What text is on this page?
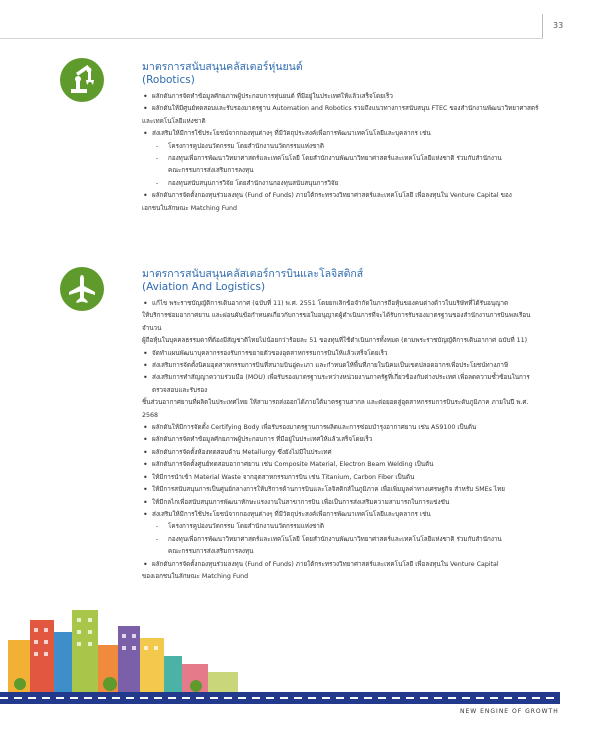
33
มาตรการสนับสนุนคลัสเตอร์หุ่นยนต์
(Robotics)
• ผลักดันการจัดทำข้อมูลศักยภาพผู้ประกอบการหุ่นยนต์ ที่มีอยู่ในประเทศให้แล้วเสร็จโดยเร็ว
• ผลักดันให้มีศูนย์ทดสอบและรับรองมาตรฐาน Automation and Robotics รวมถึงแนวทางการสนับสนุน FTEC ของสำนักงานพัฒนาวิทยาศาสตร์
และเทคโนโลยีแห่งชาติ
• ส่งเสริมให้มีการใช้ประโยชน์จากกองทุนต่างๆ ที่มีวัตถุประสงค์เพื่อการพัฒนาเทคโนโลยีและบุคลากร เช่น
- โครงการคูปองนวัตกรรม โดยสำนักงานนวัตกรรมแห่งชาติ
- กองทุนเพื่อการพัฒนาวิทยาศาสตร์และเทคโนโลยี โดยสำนักงานพัฒนาวิทยาศาสตร์และเทคโนโลยีแห่งชาติ ร่วมกับสำนักงาน
คณะกรรมการส่งเสริมการลงทุน
- กองทุนสนับสนุนการวิจัย โดยสำนักงานกองทุนสนับสนุนการวิจัย
• ผลักดันการจัดตั้งกองทุนร่วมลงทุน (Fund of Funds) ภายใต้กระทรวงวิทยาศาสตร์และเทคโนโลยี เพื่อลงทุนใน Venture Capital ของ
เอกชนในลักษณะ Matching Fund
มาตรการสนับสนุนคลัสเตอร์การบินและโลจิสติกส์
(Aviation And Logistics)
• แก้ไข พระราชบัญญัติการเดินอากาศ (ฉบับที่ 11) พ.ศ. 2551 โดยยกเลิกข้อจำกัดในการถือหุ้นของคนต่างด้าวในบริษัทที่ได้รับอนุญาต
ให้บริการซ่อมอากาศยาน และผ่อนผันข้อกำหนดเกี่ยวกับการขอใบอนุญาตผู้ดำเนินการที่จะได้รับการรับรองมาตรฐานของสำนักงานการบินพลเรือน จำนวน
ผู้ถือหุ้นในบุคคลธรรมดาที่ต้องมีสัญชาติไทยไม่น้อยกว่าร้อยละ 51 ของทุนที่ใช้ดำเนินการทั้งหมด (ตามพระราชบัญญัติการเดินอากาศ ฉบับที่ 11)
• จัดทำแผนพัฒนาบุคลากรรองรับการขยายตัวของอุตสาหกรรมการบินให้แล้วเสร็จโดยเร็ว
• ส่งเสริมการจัดตั้งนิคมอุตสาหกรรมการบินที่สนามบินอู่ตะเภา และกำหนดให้พื้นที่ภายในนิคมเป็นเขตปลอดอากรเพื่อประโยชน์ทางภาษี
• ส่งเสริมการทำสัญญาความร่วมมือ (MOU) เพื่อรับรองมาตรฐานระหว่างหน่วยงานภาครัฐที่เกี่ยวข้องกับต่างประเทศ เพื่อลดความซ้ำซ้อนในการตรวจสอบและรับรอง
ชิ้นส่วนอากาศยานที่ผลิตในประเทศไทย ให้สามารถส่งออกได้ภายใต้มาตรฐานสากล และต่อยอดสู่อุตสาหกรรมการบินระดับภูมิภาค ภายในปี พ.ศ. 2568
• ผลักดันให้มีการจัดตั้ง Certifying Body เพื่อรับรองมาตรฐานการผลิตและการซ่อมบำรุงอากาศยาน เช่น AS9100 เป็นต้น
• ผลักดันการจัดทำข้อมูลศักยภาพผู้ประกอบการ ที่มีอยู่ในประเทศให้แล้วเสร็จโดยเร็ว
• ผลักดันการจัดตั้งห้องทดสอบด้าน Metallurgy ซึ่งยังไม่มีในประเทศ
• ผลักดันการจัดตั้งศูนย์ทดสอบอากาศยาน เช่น Composite Material, Electron Beam Welding เป็นต้น
• ให้มีการนำเข้า Material Waste จากอุตสาหกรรมการบิน เช่น Titanium, Carbon Fiber เป็นต้น
• ให้มีการสนับสนุนการเป็นศูนย์กลางการให้บริการด้านการบินและโลจิสติกส์ในภูมิภาค เพื่อเพิ่มมูลค่าทางเศรษฐกิจ สำหรับ SMEs ไทย
• ให้มีกลไกเพื่อสนับสนุนการพัฒนาทักษะแรงงานในสาขาการบิน เพื่อเป็นการส่งเสริมความสามารถในการแข่งขัน
• ส่งเสริมให้มีการใช้ประโยชน์จากกองทุนต่างๆ ที่มีวัตถุประสงค์เพื่อการพัฒนาเทคโนโลยีและบุคลากร เช่น
- โครงการคูปองนวัตกรรม โดยสำนักงานนวัตกรรมแห่งชาติ
- กองทุนเพื่อการพัฒนาวิทยาศาสตร์และเทคโนโลยี โดยสำนักงานพัฒนาวิทยาศาสตร์และเทคโนโลยีแห่งชาติ ร่วมกับสำนักงาน
คณะกรรมการส่งเสริมการลงทุน
• ผลักดันการจัดตั้งกองทุนร่วมลงทุน (Fund of Funds) ภายใต้กระทรวงวิทยาศาสตร์และเทคโนโลยี เพื่อลงทุนใน Venture Capital
ของเอกชนในลักษณะ Matching Fund
NEW ENGINE OF GROWTH
